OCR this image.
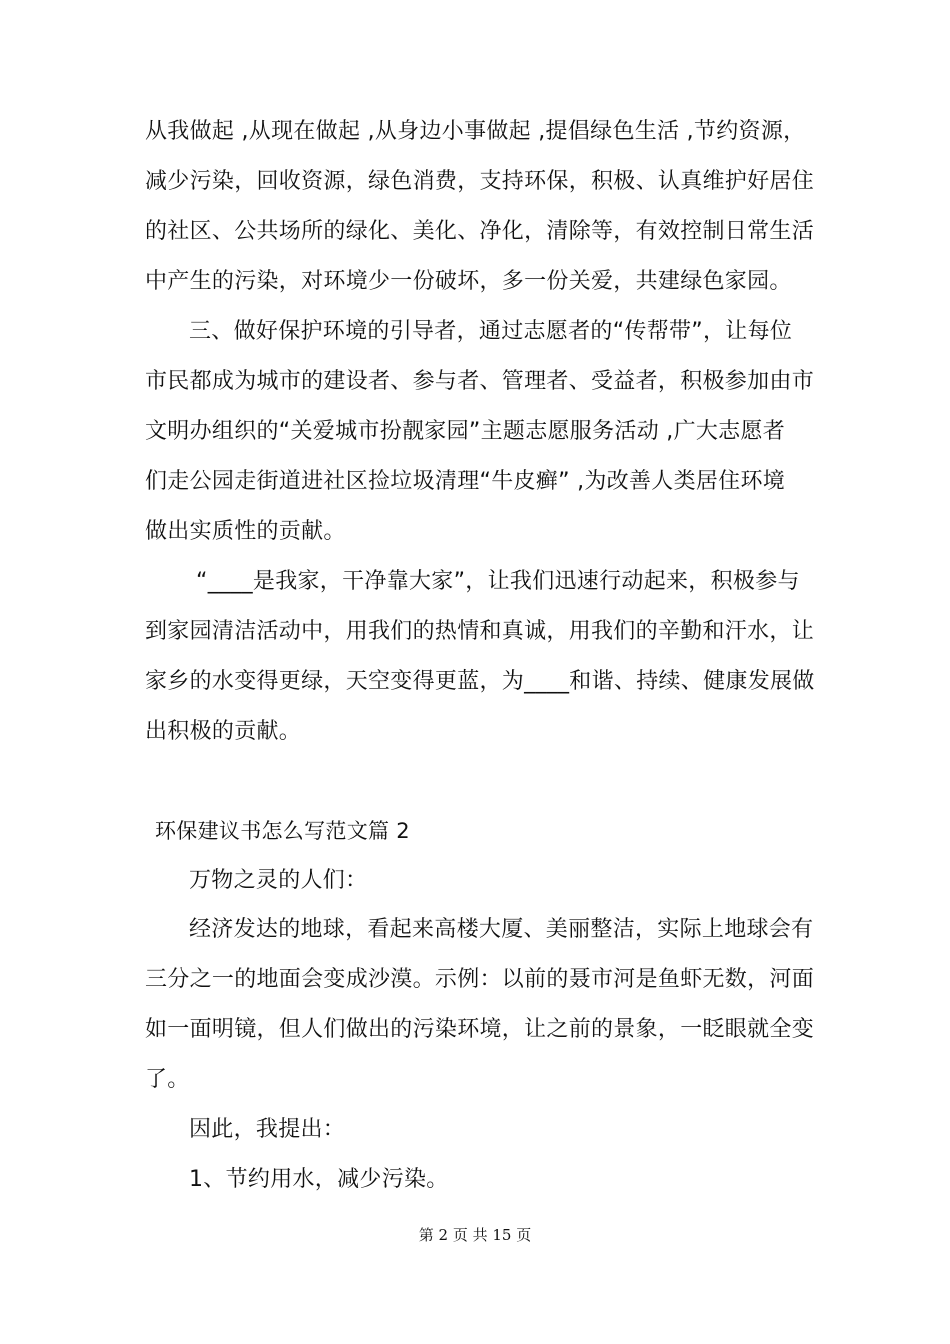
从我做起 ,从现在做起 ,从身边小事做起 ,提倡绿色生活 ,节约资源，
减少污染，回收资源，绿色消费，支持环保，积极、认真维护好居住
的社区、公共场所的绿化、美化、净化，清除等，有效控制日常生活
中产生的污染，对环境少一份破坏，多一份关爱，共建绿色家园。
三、做好保护环境的引导者，通过志愿者的“传帮带”，让每位
市民都成为城市的建设者、参与者、管理者、受益者，积极参加由市
文明办组织的“关爱城市扮靓家园”主题志愿服务活动 ,广大志愿者
们走公园走街道进社区捡垃圾清理“牛皮癣” ,为改善人类居住环境
做出实质性的贡献。
“____是我家，干净靠大家”，让我们迅速行动起来，积极参与
到家园清洁活动中，用我们的热情和真诚，用我们的辛勤和汗水，让
家乡的水变得更绿，天空变得更蓝，为____和谐、持续、健康发展做
出积极的贡献。
环保建议书怎么写范文篇 2
万物之灵的人们：
经济发达的地球，看起来高楼大厦、美丽整洁，实际上地球会有
三分之一的地面会变成沙漠。示例：以前的聂市河是鱼虾无数，河面
如一面明镜，但人们做出的污染环境，让之前的景象，一眨眼就全变
了。
因此，我提出：
1、节约用水，减少污染。
第 2 页 共 15 页
